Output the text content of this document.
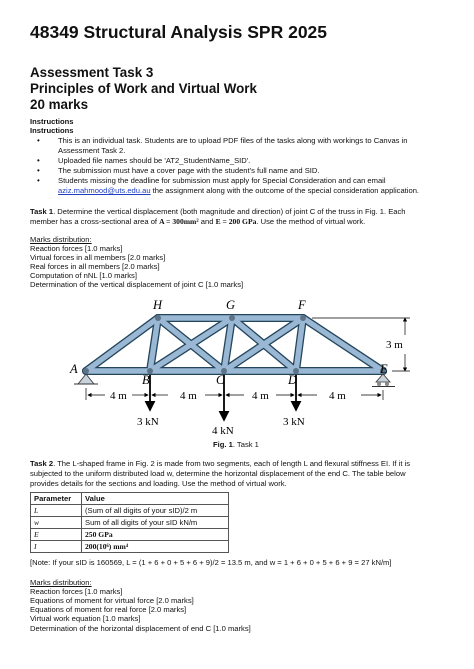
48349 Structural Analysis SPR 2025
Assessment Task 3
Principles of Work and Virtual Work
20 marks
Instructions
Instructions
• This is an individual task. Students are to upload PDF files of the tasks along with workings to Canvas in
Assessment Task 2.
• Uploaded file names should be 'AT2_StudentName_SID'.
• The submission must have a cover page with the student's full name and SID.
• Students missing the deadline for submission must apply for Special Consideration and can email
aziz.mahmood@uts.edu.au the assignment along with the outcome of the special consideration application.
Task 1. Determine the vertical displacement (both magnitude and direction) of joint C of the truss in Fig. 1. Each
member has a cross-sectional area of A = 300mm² and E = 200 GPa. Use the method of virtual work.
Marks distribution:
Reaction forces [1.0 marks]
Virtual forces in all members [2.0 marks]
Real forces in all members [2.0 marks]
Computation of nNL [1.0 marks]
Determination of the vertical displacement of joint C [1.0 marks]
H	G	F
A
B	C	D
E
4 m	4 m	4 m	4 m
3 m
3 kN
4 kN
3 kN
Fig. 1. Task 1
Task 2. The L-shaped frame in Fig. 2 is made from two segments, each of length L and flexural stiffness EI. If it is
subjected to the uniform distributed load w, determine the horizontal displacement of the end C. The table below
provides details for the sections and loading. Use the method of virtual work.
Parameter	Value
L	(Sum of all digits of your sID)/2 m
w	Sum of all digits of your sID kN/m
E	250 GPa
I	200(10⁶) mm⁴
[Note: If your sID is 160569, L = (1 + 6 + 0 + 5 + 6 + 9)/2 = 13.5 m, and w = 1 + 6 + 0 + 5 + 6 + 9 = 27 kN/m]
Marks distribution:
Reaction forces [1.0 marks]
Equations of moment for virtual force [2.0 marks]
Equations of moment for real force [2.0 marks]
Virtual work equation [1.0 marks]
Determination of the horizontal displacement of end C [1.0 marks]
